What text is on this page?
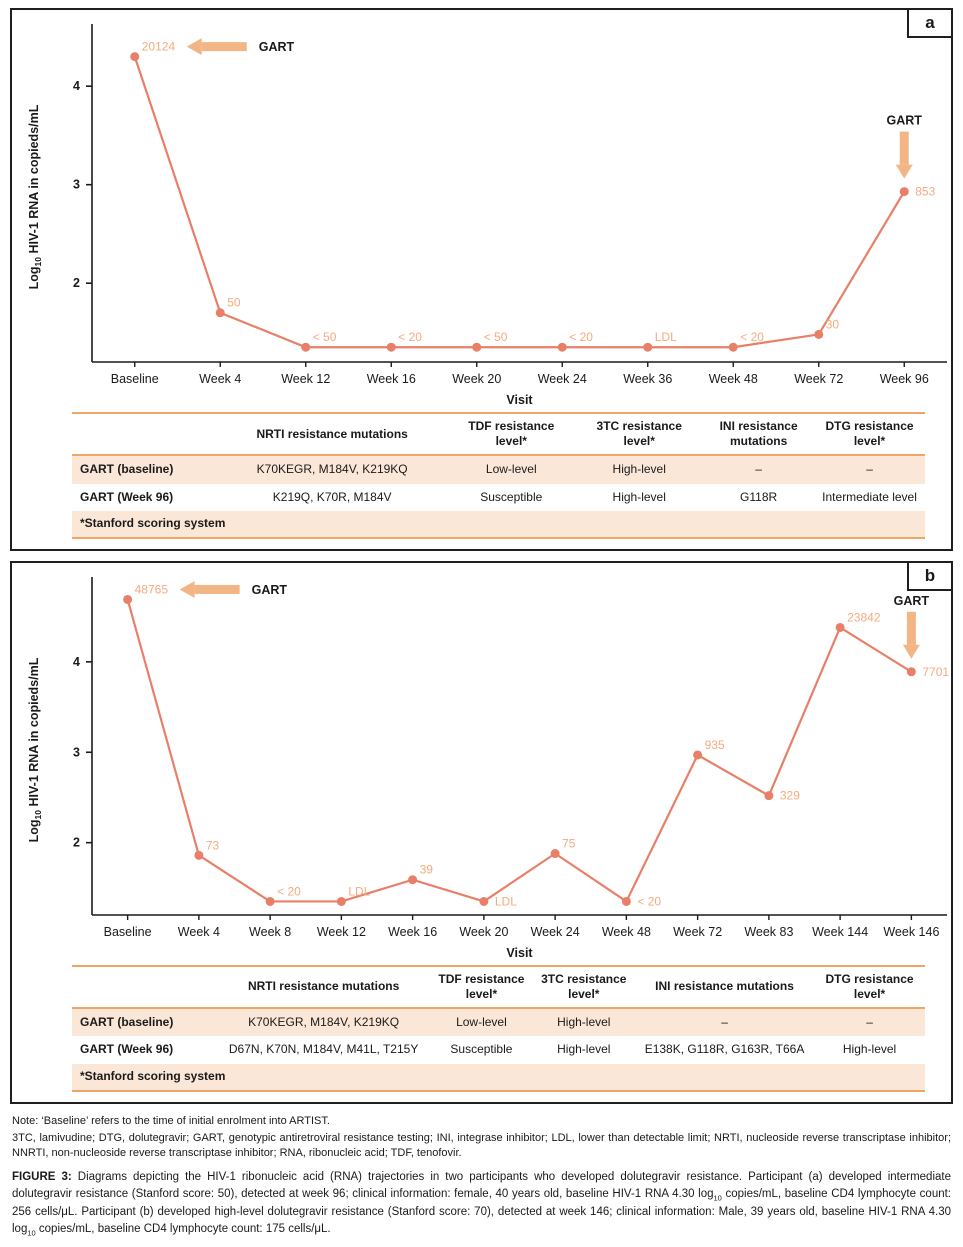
a
2
3
4
Baseline	Week 4	Week 12	Week 16	Week 20	Week 24	Week 36	Week 48	Week 72	Week 96
Visit
Log$_{10}$ HIV-1 RNA in copieds/mL
20124
50
< 50	< 20	< 50	< 20	LDL	< 20
30
853
GART
GART
	NRTI resistance mutations	TDF resistance level*	3TC resistance level*	INI resistance mutations	DTG resistance level*
GART (baseline)	K70KEGR, M184V, K219KQ	Low-level	High-level	–	–
GART (Week 96)	K219Q, K70R, M184V	Susceptible	High-level	G118R	Intermediate level
*Stanford scoring system					
b
2
3
4
Baseline Week 4 Week 8 Week 12 Week 16 Week 20 Week 24 Week 48 Week 72 Week 83 Week 144 Week 146
Visit
Log$_{10}$ HIV-1 RNA in copieds/mL
48765
73
< 20	LDL
39
LDL
75
< 20
935
329
23842
7701
GART
GART
	NRTI resistance mutations	TDF resistance level*	3TC resistance level*	INI resistance mutations	DTG resistance level*
GART (baseline)	K70KEGR, M184V, K219KQ	Low-level	High-level	–	–
GART (Week 96)	D67N, K70N, M184V, M41L, T215Y	Susceptible	High-level	E138K, G118R, G163R, T66A	High-level
*Stanford scoring system					

Note: ‘Baseline’ refers to the time of initial enrolment into ARTIST.

3TC, lamivudine; DTG, dolutegravir; GART, genotypic antiretroviral resistance testing; INI, integrase inhibitor; LDL, lower than detectable limit; NRTI, nucleoside reverse transcriptase inhibitor; NNRTI, non-nucleoside reverse transcriptase inhibitor; RNA, ribonucleic acid; TDF, tenofovir.

FIGURE 3: Diagrams depicting the HIV-1 ribonucleic acid (RNA) trajectories in two participants who developed dolutegravir resistance. Participant (a) developed intermediate dolutegravir resistance (Stanford score: 50), detected at week 96; clinical information: female, 40 years old, baseline HIV-1 RNA 4.30 $\log_{10}$ copies/mL, baseline CD4 lymphocyte count: 256 cells/μL. Participant (b) developed high-level dolutegravir resistance (Stanford score: 70), detected at week 146; clinical information: Male, 39 years old, baseline HIV-1 RNA 4.30 $\log_{10}$ copies/mL, baseline CD4 lymphocyte count: 175 cells/μL.
